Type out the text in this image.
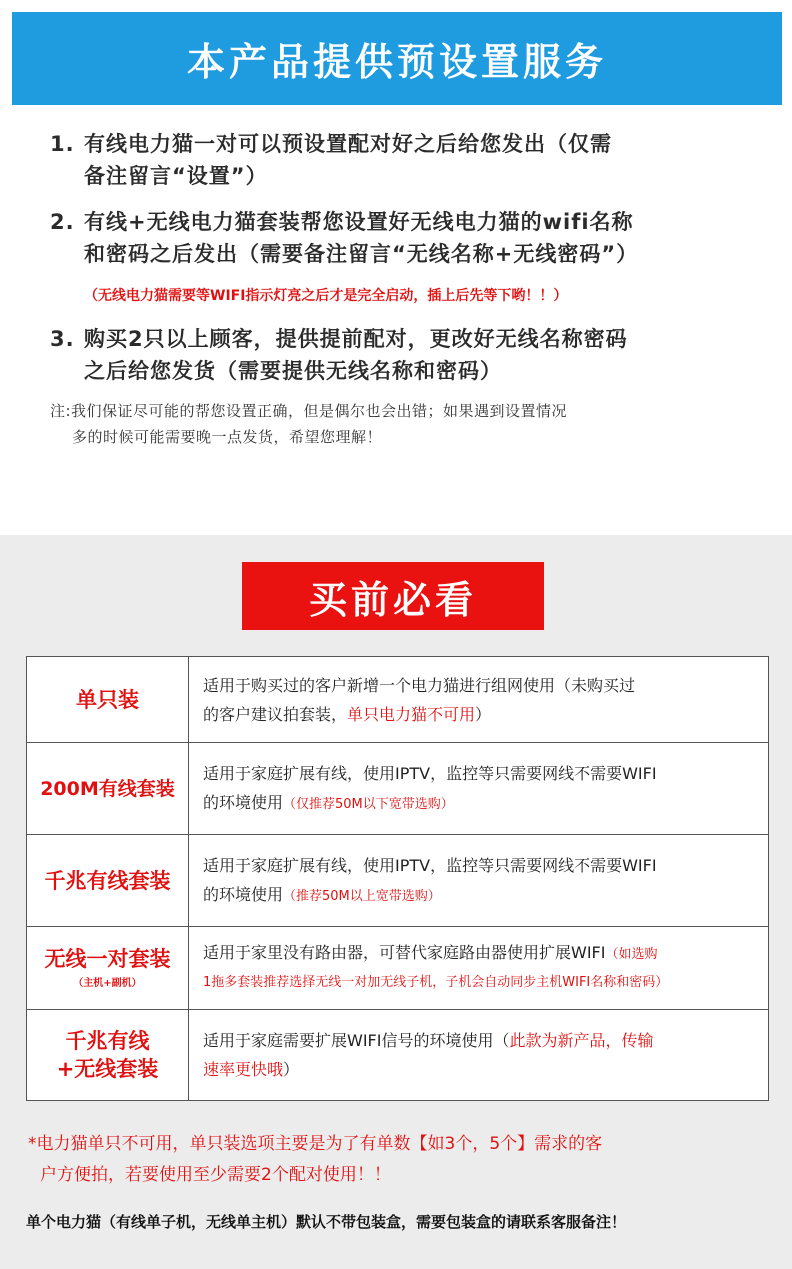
本产品提供预设置服务
1. 有线电力猫一对可以预设置配对好之后给您发出（仅需
备注留言“设置”）
2. 有线+无线电力猫套装帮您设置好无线电力猫的wifi名称
和密码之后发出（需要备注留言“无线名称+无线密码”）
（无线电力猫需要等WIFI指示灯亮之后才是完全启动，插上后先等下哟！！）
3. 购买2只以上顾客，提供提前配对，更改好无线名称密码
之后给您发货（需要提供无线名称和密码）
注:我们保证尽可能的帮您设置正确，但是偶尔也会出错；如果遇到设置情况
多的时候可能需要晚一点发货，希望您理解！
买前必看
单只装	适用于购买过的客户新增一个电力猫进行组网使用（未购买过
的客户建议拍套装，单只电力猫不可用）
200M有线套装	适用于家庭扩展有线，使用IPTV，监控等只需要网线不需要WIFI
的环境使用（仅推荐50M以下宽带选购）
千兆有线套装	适用于家庭扩展有线，使用IPTV，监控等只需要网线不需要WIFI
的环境使用（推荐50M以上宽带选购）
无线一对套装
（主机+副机）	适用于家里没有路由器，可替代家庭路由器使用扩展WIFI（如选购
1拖多套装推荐选择无线一对加无线子机，子机会自动同步主机WIFI名称和密码）
千兆有线
+无线套装	适用于家庭需要扩展WIFI信号的环境使用（此款为新产品，传输
速率更快哦）
*电力猫单只不可用，单只装选项主要是为了有单数【如3个，5个】需求的客
户方便拍，若要使用至少需要2个配对使用！！
单个电力猫（有线单子机，无线单主机）默认不带包装盒，需要包装盒的请联系客服备注！
